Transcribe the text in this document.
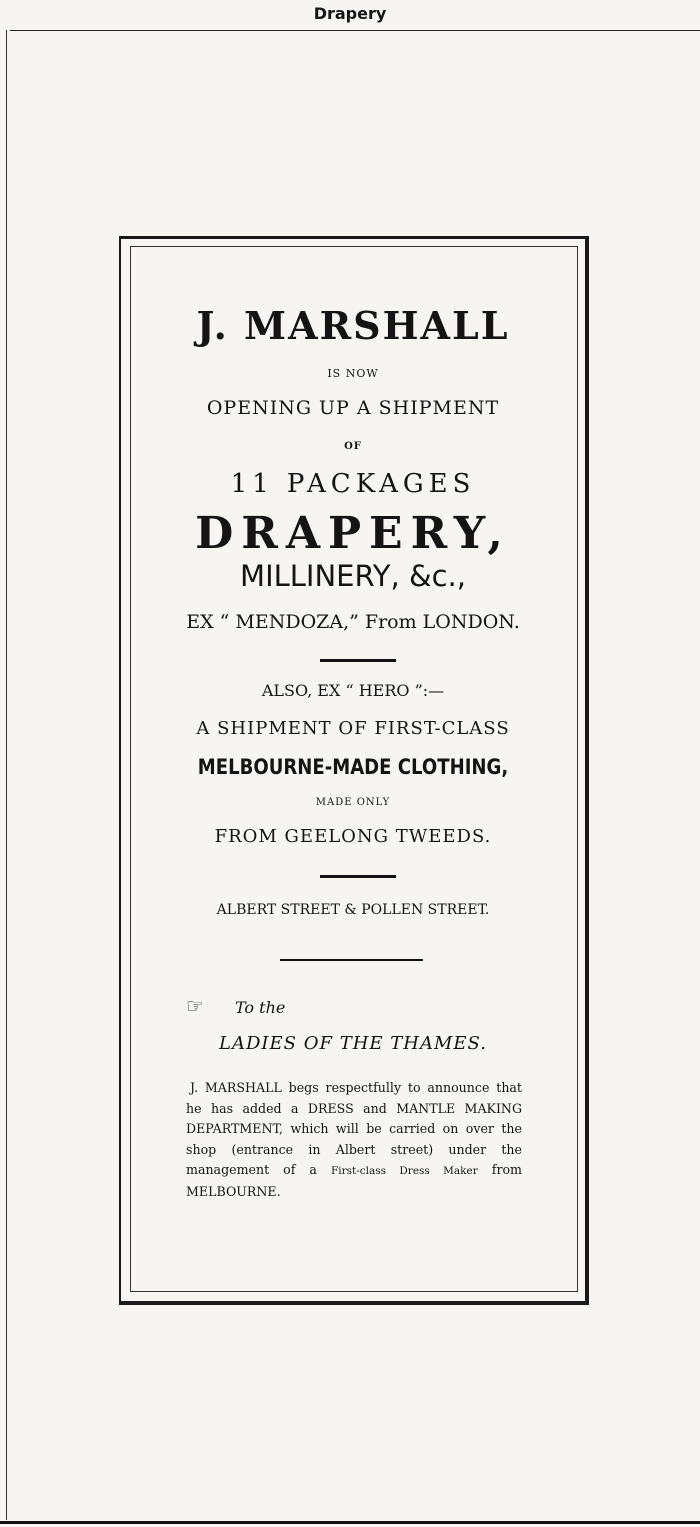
Drapery
J. MARSHALL
IS NOW
OPENING UP A SHIPMENT
OF
11 PACKAGES
DRAPERY,
MILLINERY, &c.,
EX “ MENDOZA,” From LONDON.
ALSO, EX “ HERO ”:—
A SHIPMENT OF FIRST-CLASS
MELBOURNE-MADE CLOTHING,
MADE ONLY
FROM GEELONG TWEEDS.
ALBERT STREET & POLLEN STREET.
☞ To the
LADIES OF THE THAMES.
J. MARSHALL begs respectfully to announce that he has added a DRESS and MANTLE MAKING DEPARTMENT, which will be carried on over the shop (entrance in Albert street) under the management of a First-class Dress Maker from MELBOURNE.
